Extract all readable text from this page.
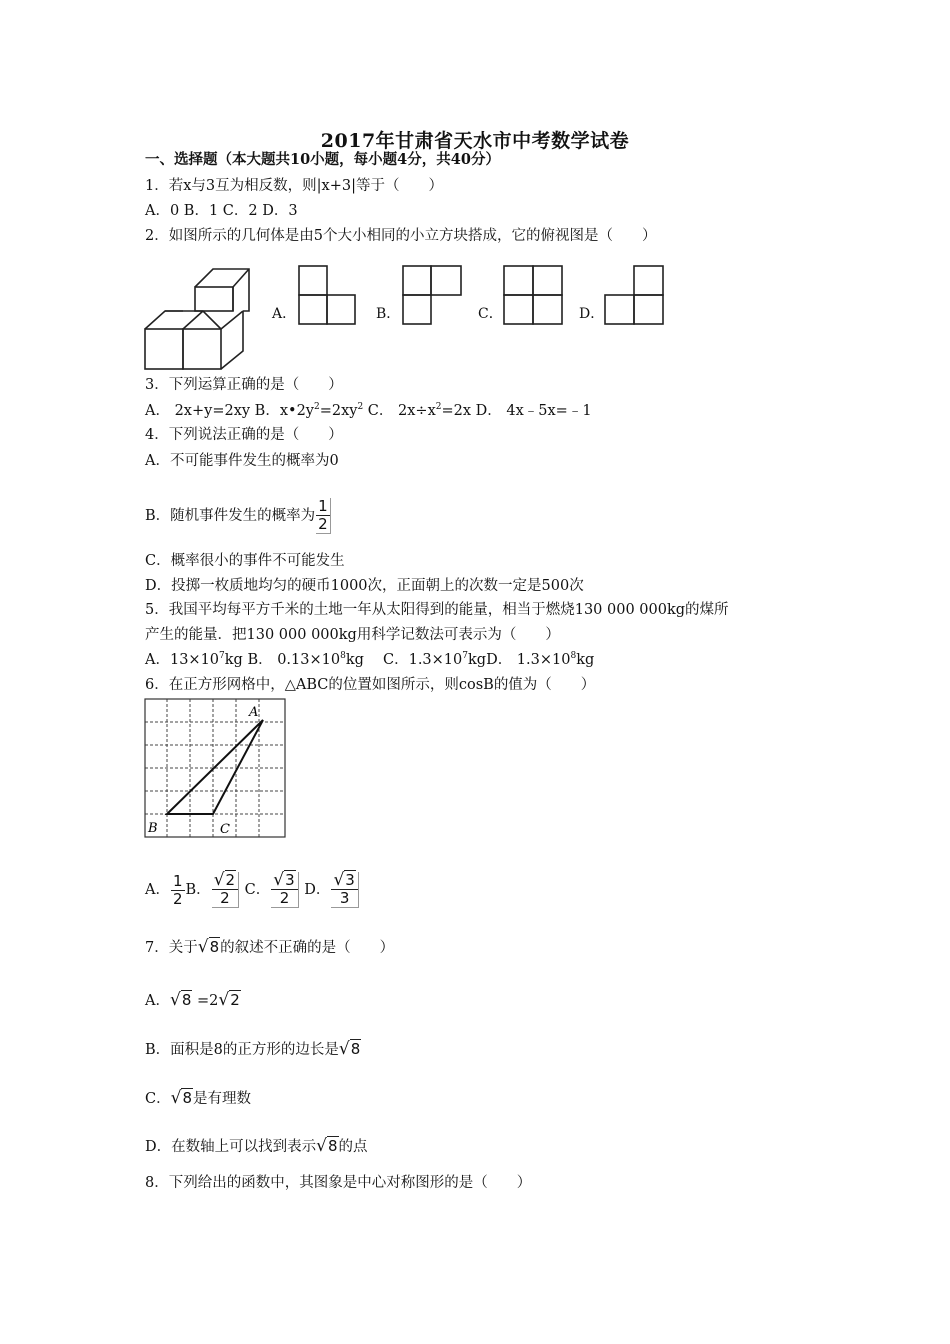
2017年甘肃省天水市中考数学试卷
一、选择题（本大题共10小题，每小题4分，共40分）
1．若x与3互为相反数，则|x+3|等于（　　）
A．0 B．1 C．2 D．3
2．如图所示的几何体是由5个大小相同的小立方块搭成，它的俯视图是（　　）
A．	B．	C．	D．
3．下列运算正确的是（　　）
A． 2x+y=2xy B．$x•2y^2=2xy^2$ C． $2x\div x^2=2x$ D． 4x﹣5x=﹣1
4．下列说法正确的是（　　）
A．不可能事件发生的概率为0
B．随机事件发生的概率为 $\frac{1}{2}$
C．概率很小的事件不可能发生
D．投掷一枚质地均匀的硬币1000次，正面朝上的次数一定是500次
5．我国平均每平方千米的土地一年从太阳得到的能量，相当于燃烧130 000 000kg的煤所
产生的能量．把130 000 000kg用科学记数法可表示为（　　）
A．$13\times 10^7kg$ B． $0.13\times 10^8kg$　 C．$1.3\times 10^7kgD$． $1.3\times 10^8kg$
6．在正方形网格中，△ABC的位置如图所示，则cosB的值为（　　）
A
B	C
A． $\frac{1}{2}$ B． $\frac{√2}{2}$ C． $\frac{√3}{2}$ D． $\frac{√3}{3}$
7．关于√8的叙述不正确的是（　　）
A．√8 =2√2
B．面积是8的正方形的边长是√8
C．√8是有理数
D．在数轴上可以找到表示√8的点
8．下列给出的函数中，其图象是中心对称图形的是（　　）
